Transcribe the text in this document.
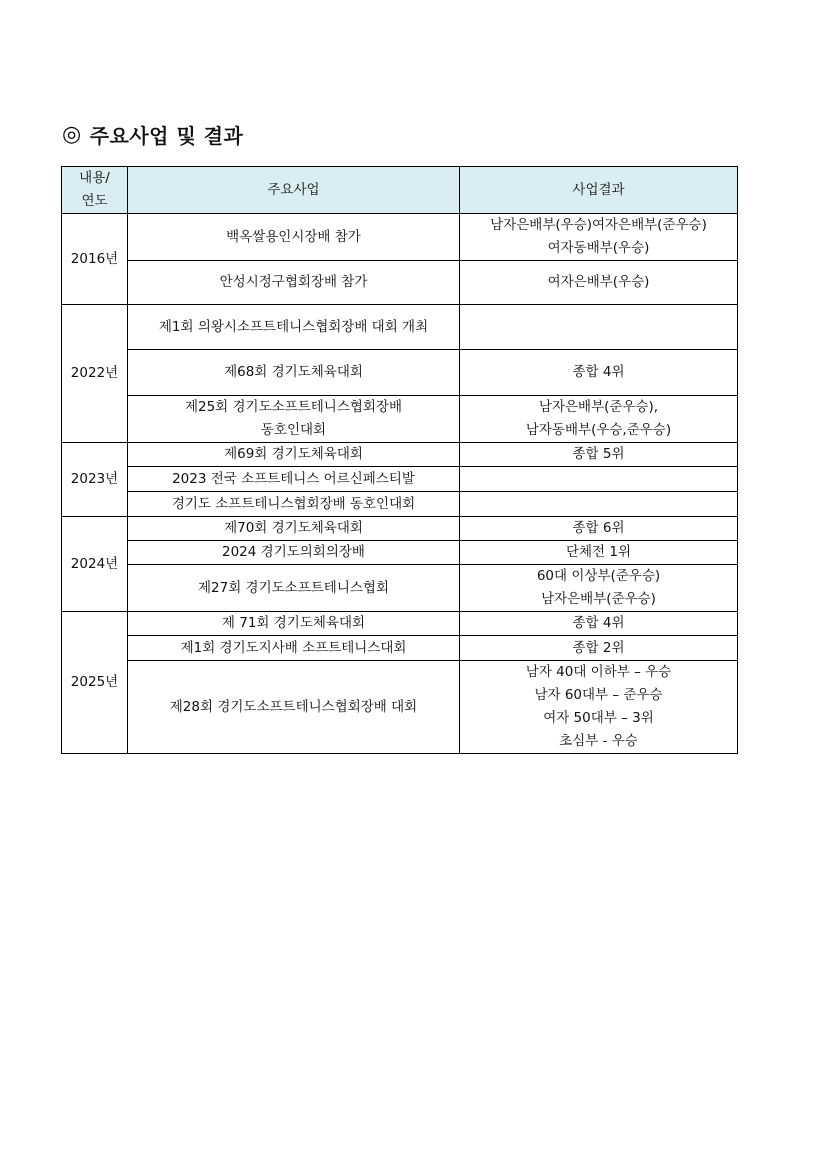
◎ 주요사업 및 결과
내용/
연도	주요사업	사업결과
2016년	백옥쌀용인시장배 참가	남자은배부(우승)여자은배부(준우승)
여자동배부(우승)

	안성시정구협회장배 참가	여자은배부(우승)

2022년	제1회 의왕시소프트테니스협회장배 대회 개최	

	제68회 경기도체육대회	종합 4위

	제25회 경기도소프트테니스협회장배
동호인대회	남자은배부(준우승),
남자동배부(우승,준우승)

2023년	제69회 경기도체육대회	종합 5위

	2023 전국 소프트테니스 어르신페스티발	

	경기도 소프트테니스협회장배 동호인대회	

2024년	제70회 경기도체육대회	종합 6위

	2024 경기도의회의장배	단체전 1위

	제27회 경기도소프트테니스협회	60대 이상부(준우승)
남자은배부(준우승)

2025년	제 71회 경기도체육대회	종합 4위

	제1회 경기도지사배 소프트테니스대회	종합 2위

	제28회 경기도소프트테니스협회장배 대회	남자 40대 이하부 – 우승
남자 60대부 – 준우승
여자 50대부 – 3위
초심부 - 우승
